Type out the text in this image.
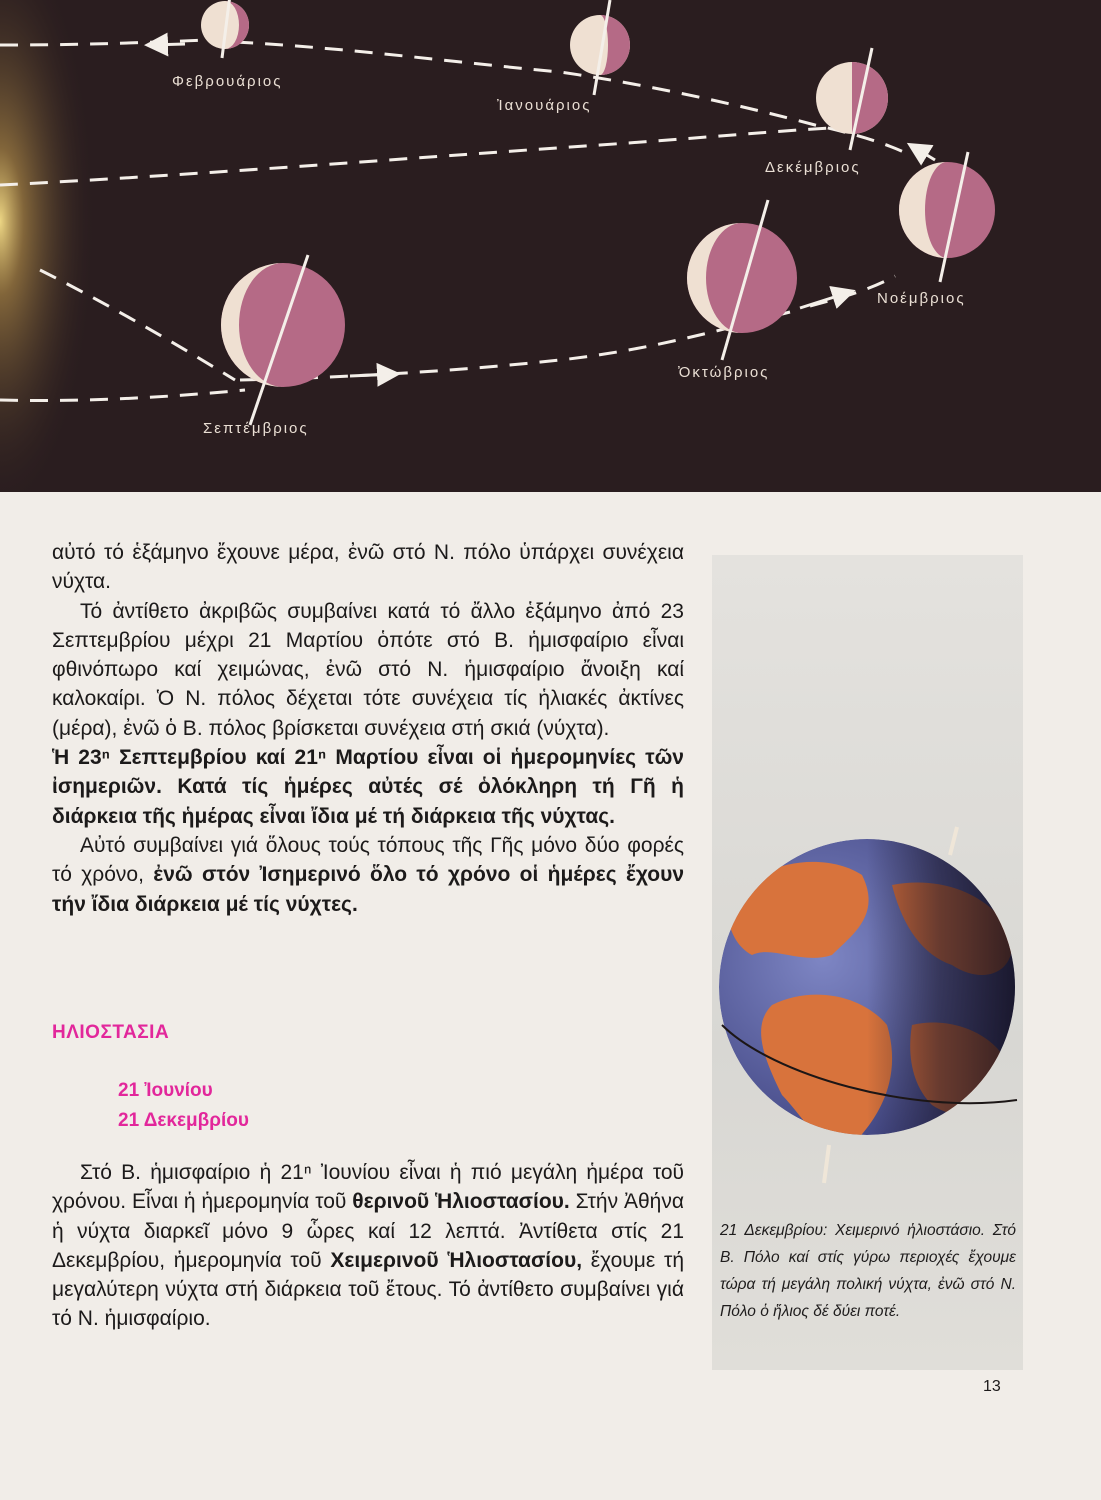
Φεβρουάριος
Ἰανουάριος
Δεκέμβριος
Νοέμβριος
Ὀκτώβριος
Σεπτέμβριος

αὐτό τό ἑξάμηνο ἔχουνε μέρα, ἐνῶ στό Ν. πόλο ὑπάρχει συνέχεια νύχτα.

Τό ἀντίθετο ἀκριβῶς συμβαίνει κατά τό ἄλλο ἑξάμηνο ἀπό 23 Σεπτεμβρίου μέχρι 21 Μαρτίου ὁπότε στό Β. ἡμισφαίριο εἶναι φθινόπωρο καί χειμώνας, ἐνῶ στό Ν. ἡμισφαίριο ἄνοιξη καί καλοκαίρι. Ὁ Ν. πόλος δέχεται τότε συνέχεια τίς ἡλιακές ἀκτίνες (μέρα), ἐνῶ ὁ Β. πόλος βρίσκεται συνέχεια στή σκιά (νύχτα).

Ἡ 23ⁿ Σεπτεμβρίου καί 21ⁿ Μαρτίου εἶναι οἱ ἡμερομηνίες τῶν ἰσημεριῶν. Κατά τίς ἡμέρες αὐτές σέ ὁλόκληρη τή Γῆ ἡ διάρκεια τῆς ἡμέρας εἶναι ἴδια μέ τή διάρκεια τῆς νύχτας.

Αὐτό συμβαίνει γιά ὅλους τούς τόπους τῆς Γῆς μόνο δύο φορές τό χρόνο, ἐνῶ στόν Ἰσημερινό ὅλο τό χρόνο οἱ ἡμέρες ἔχουν τήν ἴδια διάρκεια μέ τίς νύχτες.

ΗΛΙΟΣΤΑΣΙΑ
21 Ἰουνίου
21 Δεκεμβρίου

Στό Β. ἡμισφαίριο ἡ 21ⁿ Ἰουνίου εἶναι ἡ πιό μεγάλη ἡμέρα τοῦ χρόνου. Εἶναι ἡ ἡμερομηνία τοῦ θερινοῦ Ἡλιοστασίου. Στήν Ἀθήνα ἡ νύχτα διαρκεῖ μόνο 9 ὧρες καί 12 λεπτά. Ἀντίθετα στίς 21 Δεκεμβρίου, ἡμερομηνία τοῦ Χειμερινοῦ Ἡλιοστασίου, ἔχουμε τή μεγαλύτερη νύχτα στή διάρκεια τοῦ ἔτους. Τό ἀντίθετο συμβαίνει γιά τό Ν. ἡμισφαίριο.

21 Δεκεμβρίου: Χειμερινό ἡλιοστάσιο. Στό Β. Πόλο καί στίς γύρω περιοχές ἔχουμε τώρα τή μεγάλη πολική νύχτα, ἐνῶ στό Ν. Πόλο ὁ ἥλιος δέ δύει ποτέ.
13
